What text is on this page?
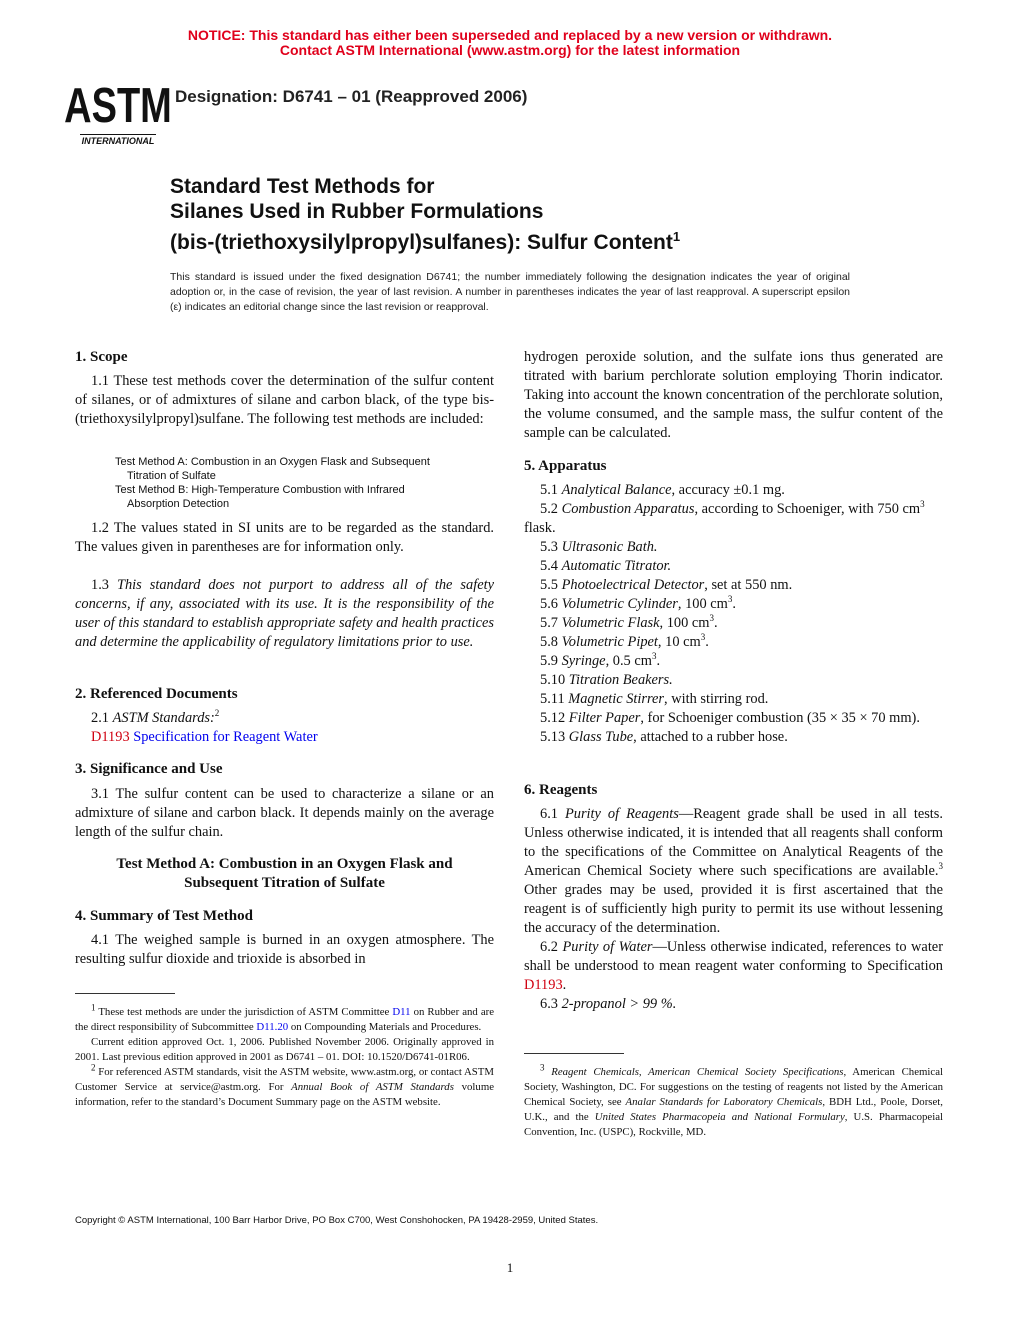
NOTICE: This standard has either been superseded and replaced by a new version or withdrawn.
Contact ASTM International (www.astm.org) for the latest information
ASTM
INTERNATIONAL
Designation: D6741 – 01 (Reapproved 2006)
Standard Test Methods for
Silanes Used in Rubber Formulations
(bis-(triethoxysilylpropyl)sulfanes): Sulfur Content$^1$
This standard is issued under the fixed designation D6741; the number immediately following the designation indicates the year of original adoption or, in the case of revision, the year of last revision. A number in parentheses indicates the year of last reapproval. A superscript epsilon (ε) indicates an editorial change since the last revision or reapproval.
1. Scope
1.1 These test methods cover the determination of the sulfur content of silanes, or of admixtures of silane and carbon black, of the type bis-(triethoxysilylpropyl)sulfane. The following test methods are included:
Test Method A: Combustion in an Oxygen Flask and Subsequent
Titration of Sulfate
Test Method B: High-Temperature Combustion with Infrared
Absorption Detection
1.2 The values stated in SI units are to be regarded as the standard. The values given in parentheses are for information only.
1.3 This standard does not purport to address all of the safety concerns, if any, associated with its use. It is the responsibility of the user of this standard to establish appropriate safety and health practices and determine the applicability of regulatory limitations prior to use.
2. Referenced Documents
2.1 ASTM Standards:$^2$
D1193 Specification for Reagent Water
3. Significance and Use
3.1 The sulfur content can be used to characterize a silane or an admixture of silane and carbon black. It depends mainly on the average length of the sulfur chain.
Test Method A: Combustion in an Oxygen Flask and Subsequent Titration of Sulfate
4. Summary of Test Method
4.1 The weighed sample is burned in an oxygen atmosphere. The resulting sulfur dioxide and trioxide is absorbed in
$^1$ These test methods are under the jurisdiction of ASTM Committee D11 on Rubber and are the direct responsibility of Subcommittee D11.20 on Compounding Materials and Procedures.
Current edition approved Oct. 1, 2006. Published November 2006. Originally approved in 2001. Last previous edition approved in 2001 as D6741 – 01. DOI: 10.1520/D6741-01R06.
$^2$ For referenced ASTM standards, visit the ASTM website, www.astm.org, or contact ASTM Customer Service at service@astm.org. For Annual Book of ASTM Standards volume information, refer to the standard’s Document Summary page on the ASTM website.
hydrogen peroxide solution, and the sulfate ions thus generated are titrated with barium perchlorate solution employing Thorin indicator. Taking into account the known concentration of the perchlorate solution, the volume consumed, and the sample mass, the sulfur content of the sample can be calculated.
5. Apparatus
5.1 Analytical Balance, accuracy ±0.1 mg.
5.2 Combustion Apparatus, according to Schoeniger, with 750 $cm^3$ flask.
5.3 Ultrasonic Bath.
5.4 Automatic Titrator.
5.5 Photoelectrical Detector, set at 550 nm.
5.6 Volumetric Cylinder, 100 $cm^3$.
5.7 Volumetric Flask, 100 $cm^3$.
5.8 Volumetric Pipet, 10 $cm^3$.
5.9 Syringe, 0.5 $cm^3$.
5.10 Titration Beakers.
5.11 Magnetic Stirrer, with stirring rod.
5.12 Filter Paper, for Schoeniger combustion (35 × 35 × 70 mm).
5.13 Glass Tube, attached to a rubber hose.
6. Reagents
6.1 Purity of Reagents—Reagent grade shall be used in all tests. Unless otherwise indicated, it is intended that all reagents shall conform to the specifications of the Committee on Analytical Reagents of the American Chemical Society where such specifications are available.$^3$ Other grades may be used, provided it is first ascertained that the reagent is of sufficiently high purity to permit its use without lessening the accuracy of the determination.
6.2 Purity of Water—Unless otherwise indicated, references to water shall be understood to mean reagent water conforming to Specification D1193.
6.3 2-propanol > 99 %.
$^3$ Reagent Chemicals, American Chemical Society Specifications, American Chemical Society, Washington, DC. For suggestions on the testing of reagents not listed by the American Chemical Society, see Analar Standards for Laboratory Chemicals, BDH Ltd., Poole, Dorset, U.K., and the United States Pharmacopeia and National Formulary, U.S. Pharmacopeial Convention, Inc. (USPC), Rockville, MD.
Copyright © ASTM International, 100 Barr Harbor Drive, PO Box C700, West Conshohocken, PA 19428-2959, United States.
1
